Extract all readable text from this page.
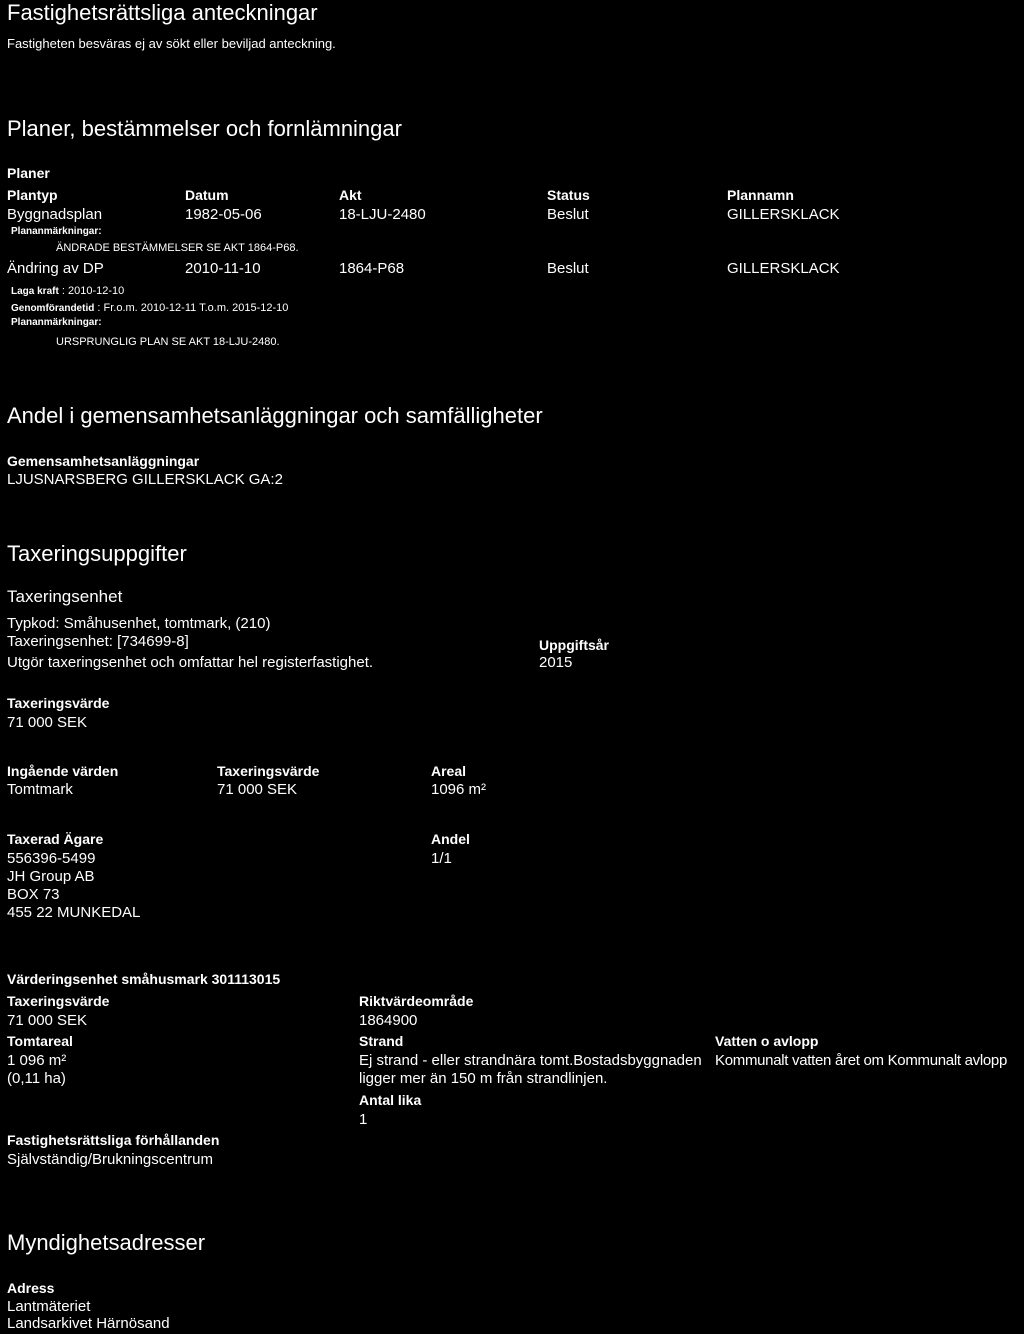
Fastighetsrättsliga anteckningar
Fastigheten besväras ej av sökt eller beviljad anteckning.
Planer, bestämmelser och fornlämningar
Planer
Plantyp	Datum	Akt	Status	Plannamn
Byggnadsplan	1982-05-06	18-LJU-2480	Beslut	GILLERSKLACK
Plananmärkningar:
ÄNDRADE BESTÄMMELSER SE AKT 1864-P68.
Ändring av DP	2010-11-10	1864-P68	Beslut	GILLERSKLACK
Laga kraft : 2010-12-10
Genomförandetid : Fr.o.m. 2010-12-11 T.o.m. 2015-12-10
Plananmärkningar:
URSPRUNGLIG PLAN SE AKT 18-LJU-2480.
Andel i gemensamhetsanläggningar och samfälligheter
Gemensamhetsanläggningar
LJUSNARSBERG GILLERSKLACK GA:2
Taxeringsuppgifter
Taxeringsenhet
Typkod: Småhusenhet, tomtmark, (210)
Taxeringsenhet: [734699-8]
Utgör taxeringsenhet och omfattar hel registerfastighet.
Uppgiftsår
2015
Taxeringsvärde
71 000 SEK
Ingående värden
Tomtmark
Taxeringsvärde
71 000 SEK
Areal
1096 m²
Taxerad Ägare
556396-5499
JH Group AB
BOX 73
455 22 MUNKEDAL
Andel
1/1
Värderingsenhet småhusmark 301113015
Taxeringsvärde
71 000 SEK
Riktvärdeområde
1864900
Tomtareal
1 096 m²
(0,11 ha)
Strand
Ej strand - eller strandnära tomt.Bostadsbyggnaden
ligger mer än 150 m från strandlinjen.
Vatten o avlopp
Kommunalt vatten året om Kommunalt avlopp
Antal lika
1
Fastighetsrättsliga förhållanden
Självständig/Brukningscentrum
Myndighetsadresser
Adress
Lantmäteriet
Landsarkivet Härnösand
